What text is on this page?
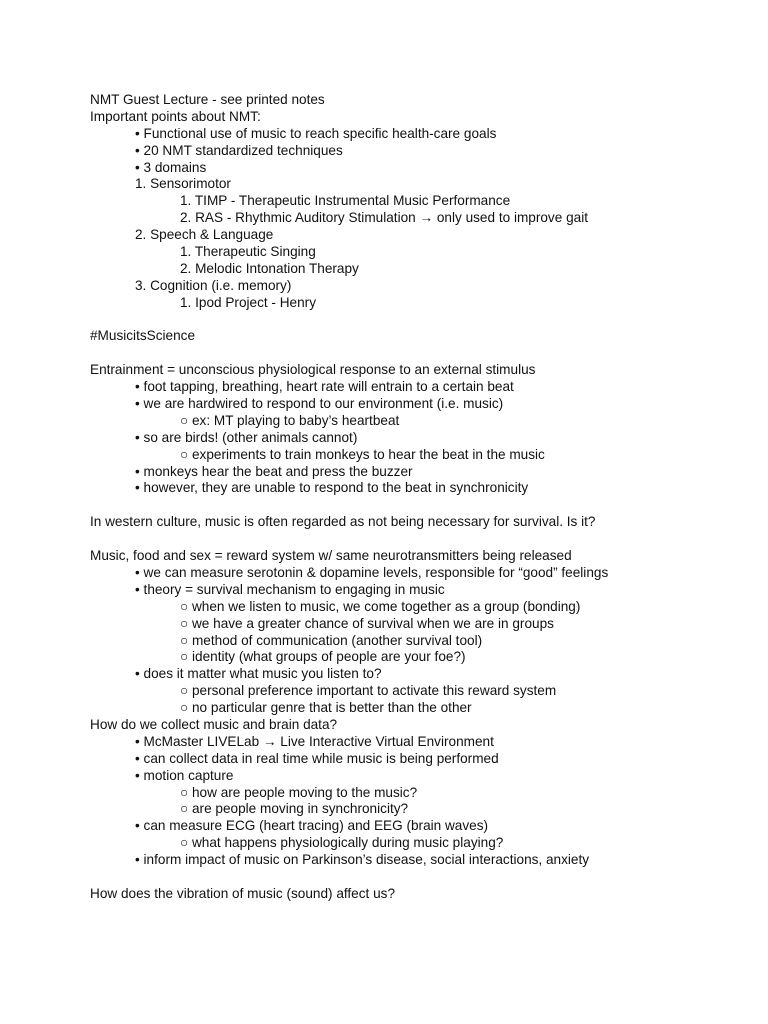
NMT Guest Lecture - see printed notes
Important points about NMT:
• Functional use of music to reach specific health-care goals
• 20 NMT standardized techniques
• 3 domains
1. Sensorimotor
1. TIMP - Therapeutic Instrumental Music Performance
2. RAS - Rhythmic Auditory Stimulation → only used to improve gait
2. Speech & Language
1. Therapeutic Singing
2. Melodic Intonation Therapy
3. Cognition (i.e. memory)
1. Ipod Project - Henry
#MusicitsScience
Entrainment = unconscious physiological response to an external stimulus
• foot tapping, breathing, heart rate will entrain to a certain beat
• we are hardwired to respond to our environment (i.e. music)
○ ex: MT playing to baby’s heartbeat
• so are birds! (other animals cannot)
○ experiments to train monkeys to hear the beat in the music
• monkeys hear the beat and press the buzzer
• however, they are unable to respond to the beat in synchronicity
In western culture, music is often regarded as not being necessary for survival. Is it?
Music, food and sex = reward system w/ same neurotransmitters being released
• we can measure serotonin & dopamine levels, responsible for “good” feelings
• theory = survival mechanism to engaging in music
○ when we listen to music, we come together as a group (bonding)
○ we have a greater chance of survival when we are in groups
○ method of communication (another survival tool)
○ identity (what groups of people are your foe?)
• does it matter what music you listen to?
○ personal preference important to activate this reward system
○ no particular genre that is better than the other
How do we collect music and brain data?
• McMaster LIVELab → Live Interactive Virtual Environment
• can collect data in real time while music is being performed
• motion capture
○ how are people moving to the music?
○ are people moving in synchronicity?
• can measure ECG (heart tracing) and EEG (brain waves)
○ what happens physiologically during music playing?
• inform impact of music on Parkinson’s disease, social interactions, anxiety
How does the vibration of music (sound) affect us?
